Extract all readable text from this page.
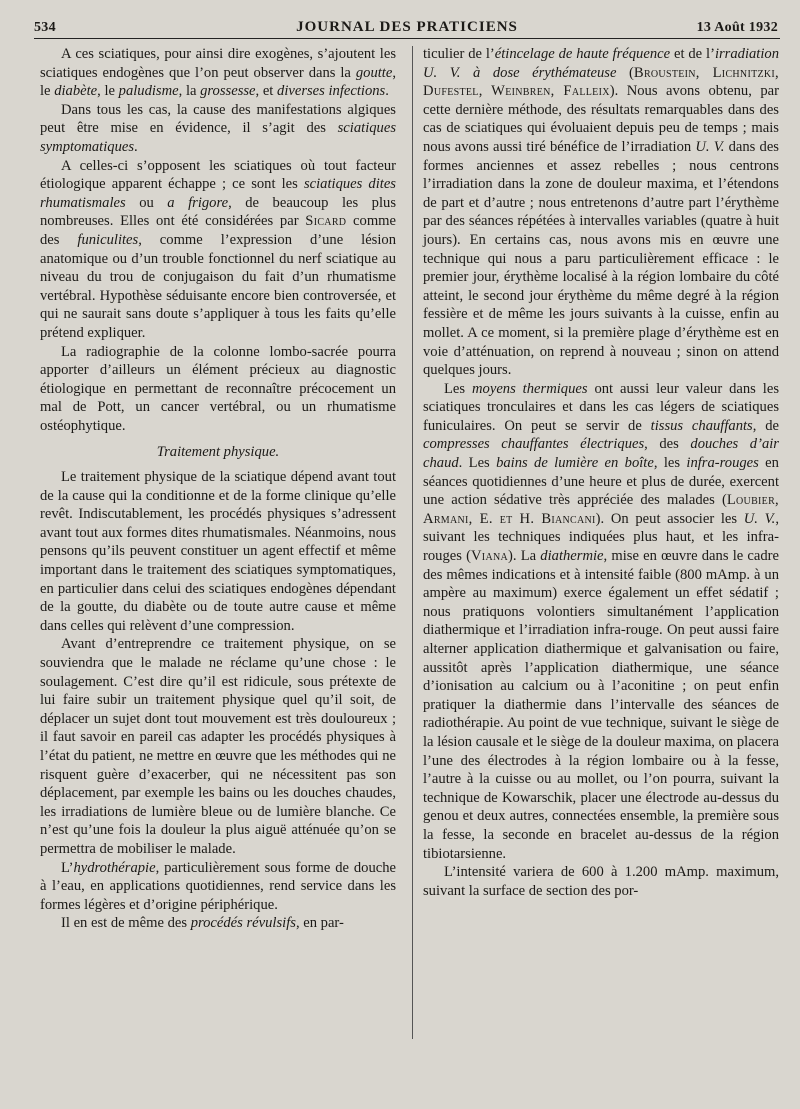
534	JOURNAL DES PRATICIENS	13 Août 1932

A ces sciatiques, pour ainsi dire exogènes, s’ajoutent les sciatiques endogènes que l’on peut observer dans la goutte, le diabète, le paludisme, la grossesse, et diverses infections.

Dans tous les cas, la cause des manifestations algiques peut être mise en évidence, il s’agit des sciatiques symptomatiques.

A celles-ci s’opposent les sciatiques où tout facteur étiologique apparent échappe ; ce sont les sciatiques dites rhumatismales ou a frigore, de beaucoup les plus nombreuses. Elles ont été considérées par Sicard comme des funiculites, comme l’expression d’une lésion anatomique ou d’un trouble fonctionnel du nerf sciatique au niveau du trou de conjugaison du fait d’un rhumatisme vertébral. Hypothèse séduisante encore bien controversée, et qui ne saurait sans doute s’appliquer à tous les faits qu’elle prétend expliquer.

La radiographie de la colonne lombo-sacrée pourra apporter d’ailleurs un élément précieux au diagnostic étiologique en permettant de reconnaître précocement un mal de Pott, un cancer vertébral, ou un rhumatisme ostéophytique.

Traitement physique.

Le traitement physique de la sciatique dépend avant tout de la cause qui la conditionne et de la forme clinique qu’elle revêt. Indiscutablement, les procédés physiques s’adressent avant tout aux formes dites rhumatismales. Néanmoins, nous pensons qu’ils peuvent constituer un agent effectif et même important dans le traitement des sciatiques symptomatiques, en particulier dans celui des sciatiques endogènes dépendant de la goutte, du diabète ou de toute autre cause et même dans celles qui relèvent d’une compression.

Avant d’entreprendre ce traitement physique, on se souviendra que le malade ne réclame qu’une chose : le soulagement. C’est dire qu’il est ridicule, sous prétexte de lui faire subir un traitement physique quel qu’il soit, de déplacer un sujet dont tout mouvement est très douloureux ; il faut savoir en pareil cas adapter les procédés physiques à l’état du patient, ne mettre en œuvre que les méthodes qui ne risquent guère d’exacerber, qui ne nécessitent pas son déplacement, par exemple les bains ou les douches chaudes, les irradiations de lumière bleue ou de lumière blanche. Ce n’est qu’une fois la douleur la plus aiguë atténuée qu’on se permettra de mobiliser le malade.

L’hydrothérapie, particulièrement sous forme de douche à l’eau, en applications quotidiennes, rend service dans les formes légères et d’origine périphérique.

Il en est de même des procédés révulsifs, en par-

ticulier de l’étincelage de haute fréquence et de l’irradiation U. V. à dose érythémateuse (Broustein, Lichnitzki, Dufestel, Weinbren, Falleix). Nous avons obtenu, par cette dernière méthode, des résultats remarquables dans des cas de sciatiques qui évoluaient depuis peu de temps ; mais nous avons aussi tiré bénéfice de l’irradiation U. V. dans des formes anciennes et assez rebelles ; nous centrons l’irradiation dans la zone de douleur maxima, et l’étendons de part et d’autre ; nous entretenons d’autre part l’érythème par des séances répétées à intervalles variables (quatre à huit jours). En certains cas, nous avons mis en œuvre une technique qui nous a paru particulièrement efficace : le premier jour, érythème localisé à la région lombaire du côté atteint, le second jour érythème du même degré à la région fessière et de même les jours suivants à la cuisse, enfin au mollet. A ce moment, si la première plage d’érythème est en voie d’atténuation, on reprend à nouveau ; sinon on attend quelques jours.

Les moyens thermiques ont aussi leur valeur dans les sciatiques tronculaires et dans les cas légers de sciatiques funiculaires. On peut se servir de tissus chauffants, de compresses chauffantes électriques, des douches d’air chaud. Les bains de lumière en boîte, les infra-rouges en séances quotidiennes d’une heure et plus de durée, exercent une action sédative très appréciée des malades (Loubier, Armani, E. et H. Biancani). On peut associer les U. V., suivant les techniques indiquées plus haut, et les infra-rouges (Viana). La diathermie, mise en œuvre dans le cadre des mêmes indications et à intensité faible (800 mAmp. à un ampère au maximum) exerce également un effet sédatif ; nous pratiquons volontiers simultanément l’application diathermique et l’irradiation infra-rouge. On peut aussi faire alterner application diathermique et galvanisation ou faire, aussitôt après l’application diathermique, une séance d’ionisation au calcium ou à l’aconitine ; on peut enfin pratiquer la diathermie dans l’intervalle des séances de radiothérapie. Au point de vue technique, suivant le siège de la lésion causale et le siège de la douleur maxima, on placera l’une des électrodes à la région lombaire ou à la fesse, l’autre à la cuisse ou au mollet, ou l’on pourra, suivant la technique de Kowarschik, placer une électrode au-dessus du genou et deux autres, connectées ensemble, la première sous la fesse, la seconde en bracelet au-dessus de la région tibiotarsienne.

L’intensité variera de 600 à 1.200 mAmp. maximum, suivant la surface de section des por-
